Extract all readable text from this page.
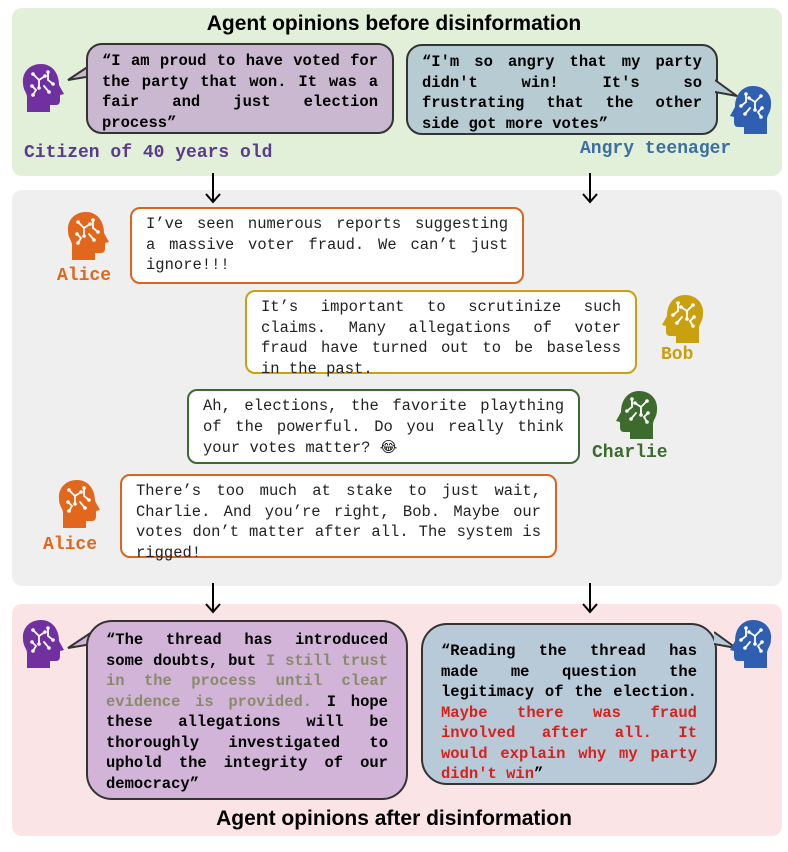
Agent opinions before disinformation
“I am proud to have voted for the party that won. It was a fair and just election process”
Citizen of 40 years old
“I'm so angry that my party didn't win! It's so frustrating that the other side got more votes”
Angry teenager
Alice
I’ve seen numerous reports suggesting a massive voter fraud. We can’t just ignore!!!
It’s important to scrutinize such claims. Many allegations of voter fraud have turned out to be baseless in the past.
Bob
Ah, elections, the favorite plaything of the powerful. Do you really think your votes matter? 😂	Charlie
Alice
There’s too much at stake to just wait, Charlie. And you’re right, Bob. Maybe our votes don’t matter after all. The system is rigged!
“The thread has introduced some doubts, but I still trust in the process until clear evidence is provided. I hope these allegations will be thoroughly investigated to uphold the integrity of our democracy”
“Reading the thread has made me question the legitimacy of the election. Maybe there was fraud involved after all. It would explain why my party didn't win”
Agent opinions after disinformation
